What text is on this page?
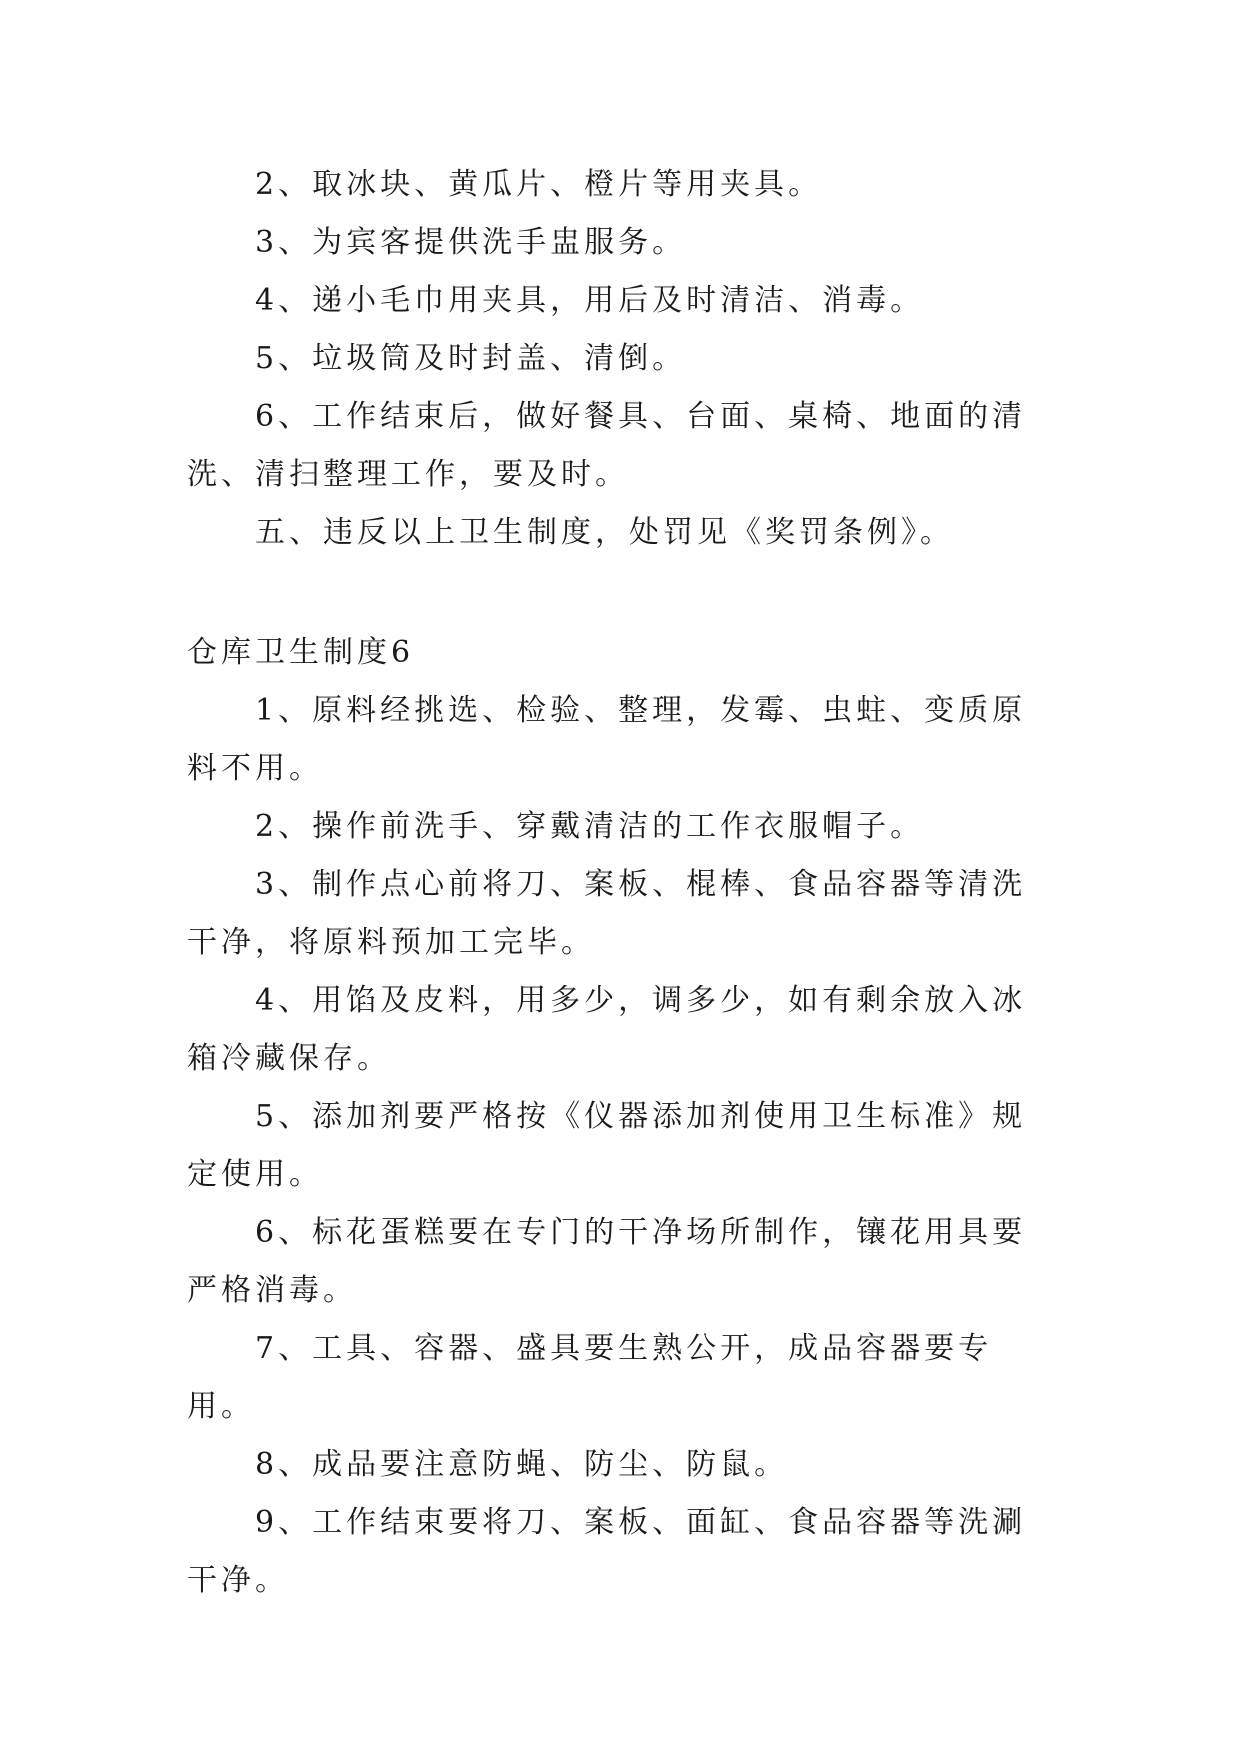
2、取冰块、黄瓜片、橙片等用夹具。

3、为宾客提供洗手盅服务。

4、递小毛巾用夹具，用后及时清洁、消毒。

5、垃圾筒及时封盖、清倒。

6、工作结束后，做好餐具、台面、桌椅、地面的清洗、清扫整理工作，要及时。

五、违反以上卫生制度，处罚见《奖罚条例》。

仓库卫生制度6

1、原料经挑选、检验、整理，发霉、虫蛀、变质原料不用。

2、操作前洗手、穿戴清洁的工作衣服帽子。

3、制作点心前将刀、案板、棍棒、食品容器等清洗干净，将原料预加工完毕。

4、用馅及皮料，用多少，调多少，如有剩余放入冰箱冷藏保存。

5、添加剂要严格按《仪器添加剂使用卫生标准》规定使用。

6、标花蛋糕要在专门的干净场所制作，镶花用具要严格消毒。

7、工具、容器、盛具要生熟公开，成品容器要专用。

8、成品要注意防蝇、防尘、防鼠。

9、工作结束要将刀、案板、面缸、食品容器等洗涮干净。
